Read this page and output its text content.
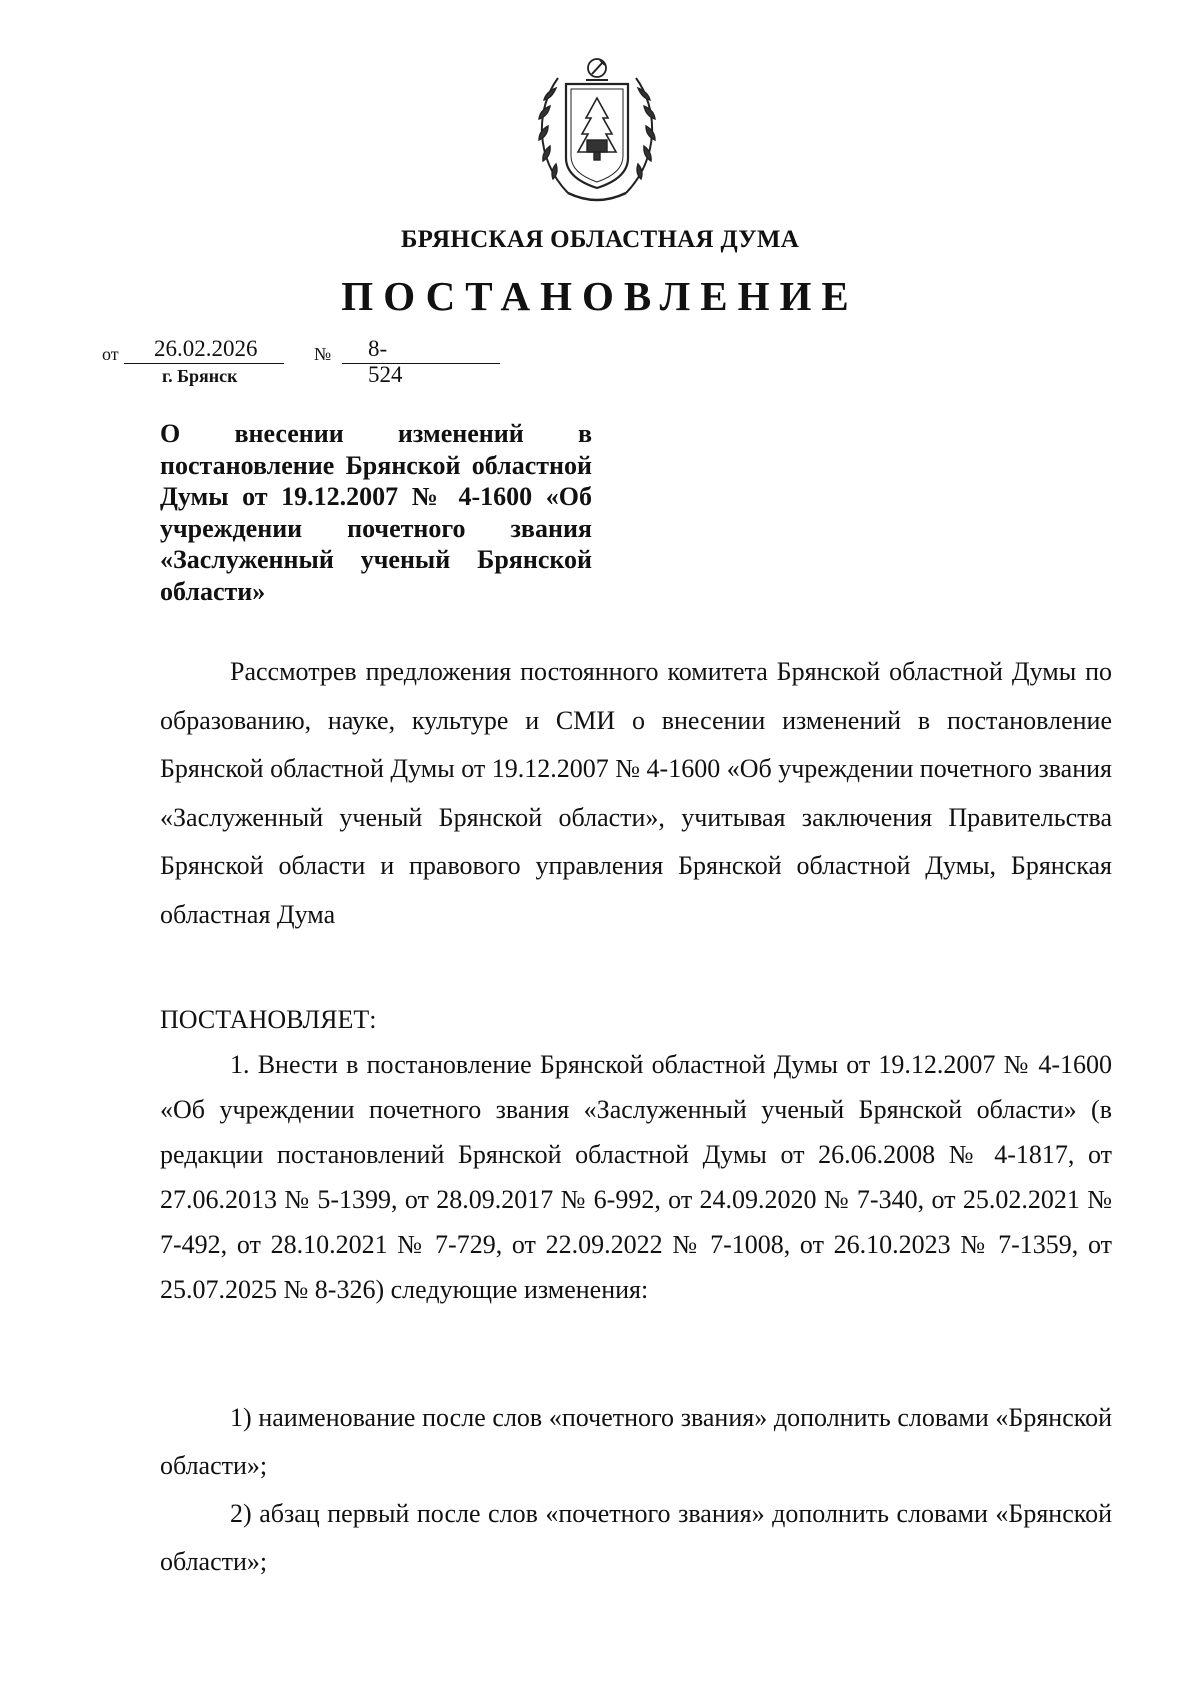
БРЯНСКАЯ ОБЛАСТНАЯ ДУМА
ПОСТАНОВЛЕНИЕ
от 26.02.2026	№ 8-524
г. Брянск
О внесении изменений в постановление Брянской областной Думы от 19.12.2007 № 4-1600 «Об учреждении почетного звания «Заслуженный ученый Брянской области»

Рассмотрев предложения постоянного комитета Брянской областной Думы по образованию, науке, культуре и СМИ о внесении изменений в постановление Брянской областной Думы от 19.12.2007 № 4-1600 «Об учреждении почетного звания «Заслуженный ученый Брянской области», учитывая заключения Правительства Брянской области и правового управления Брянской областной Думы, Брянская областная Дума

ПОСТАНОВЛЯЕТ:

1. Внести в постановление Брянской областной Думы от 19.12.2007 № 4-1600 «Об учреждении почетного звания «Заслуженный ученый Брянской области» (в редакции постановлений Брянской областной Думы от 26.06.2008 № 4-1817, от 27.06.2013 № 5-1399, от 28.09.2017 № 6-992, от 24.09.2020 № 7-340, от 25.02.2021 № 7-492, от 28.10.2021 № 7-729, от 22.09.2022 № 7-1008, от 26.10.2023 № 7-1359, от 25.07.2025 № 8-326) следующие изменения:

1) наименование после слов «почетного звания» дополнить словами «Брянской области»;

2) абзац первый после слов «почетного звания» дополнить словами «Брянской области»;
